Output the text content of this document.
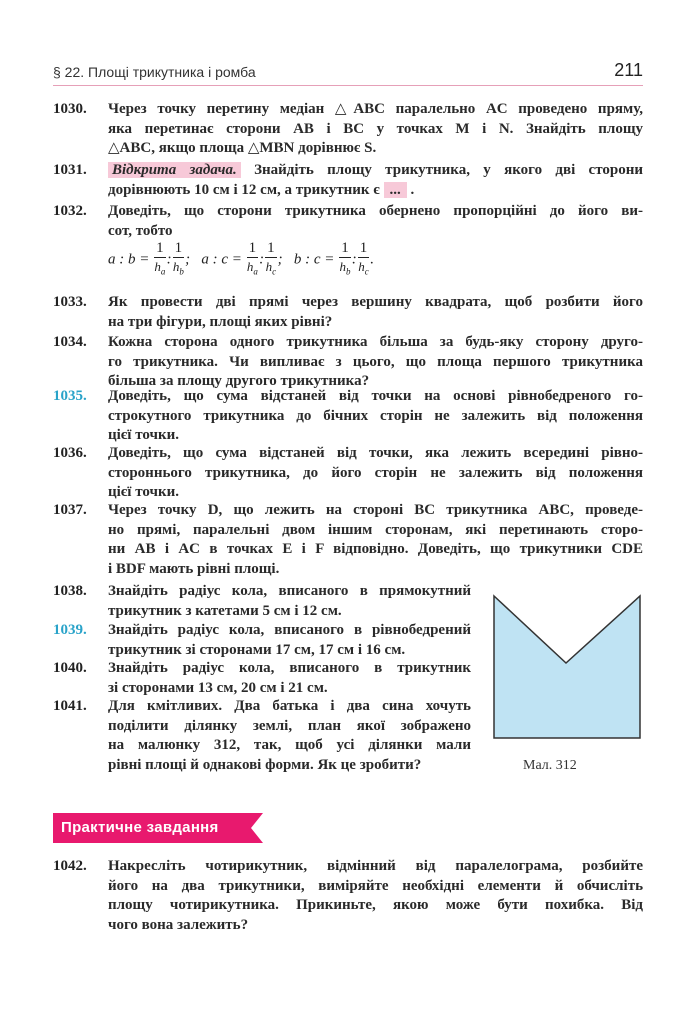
§ 22. Площі трикутника і ромба	211
1030. Через точку перетину медіан △ABC паралельно AC проведено пряму,
яка перетинає сторони AB і BC у точках M і N. Знайдіть площу
△ABC, якщо площа △MBN дорівнює S.
1031. Відкрита задача. Знайдіть площу трикутника, у якого дві сторони
дорівнюють 10 см і 12 см, а трикутник є ... .
1032. Доведіть, що сторони трикутника обернено пропорційні до його ви-
сот, тобто
a : $b = \frac{1}{h_a}$ : $\frac{1}{h_b}$ ; a : $c = \frac{1}{h_a}$ : $\frac{1}{h_c}$ ; b : $c = \frac{1}{h_b}$ : $\frac{1}{h_c}$ .
1033. Як провести дві прямі через вершину квадрата, щоб розбити його
на три фігури, площі яких рівні?
1034. Кожна сторона одного трикутника більша за будь-яку сторону друго-
го трикутника. Чи випливає з цього, що площа першого трикутника
більша за площу другого трикутника?
1035. Доведіть, що сума відстаней від точки на основі рівнобедреного го-
строкутного трикутника до бічних сторін не залежить від положення
цієї точки.
1036. Доведіть, що сума відстаней від точки, яка лежить всередині рівно-
стороннього трикутника, до його сторін не залежить від положення
цієї точки.
1037. Через точку D, що лежить на стороні BC трикутника ABC, проведе-
но прямі, паралельні двом іншим сторонам, які перетинають сторо-
ни AB і AC в точках E і F відповідно. Доведіть, що трикутники CDE
і BDF мають рівні площі.
1038. Знайдіть радіус кола, вписаного в прямокутний
трикутник з катетами 5 см і 12 см.
1039. Знайдіть радіус кола, вписаного в рівнобедрений
трикутник зі сторонами 17 см, 17 см і 16 см.
1040. Знайдіть радіус кола, вписаного в трикутник
зі сторонами 13 см, 20 см і 21 см.
1041. Для кмітливих. Два батька і два сина хочуть
поділити ділянку землі, план якої зображено
на малюнку 312, так, щоб усі ділянки мали
рівні площі й однакові форми. Як це зробити?	Мал. 312
Практичне завдання
1042. Накресліть чотирикутник, відмінний від паралелограма, розбийте
його на два трикутники, виміряйте необхідні елементи й обчисліть
площу чотирикутника. Прикиньте, якою може бути похибка. Від
чого вона залежить?
